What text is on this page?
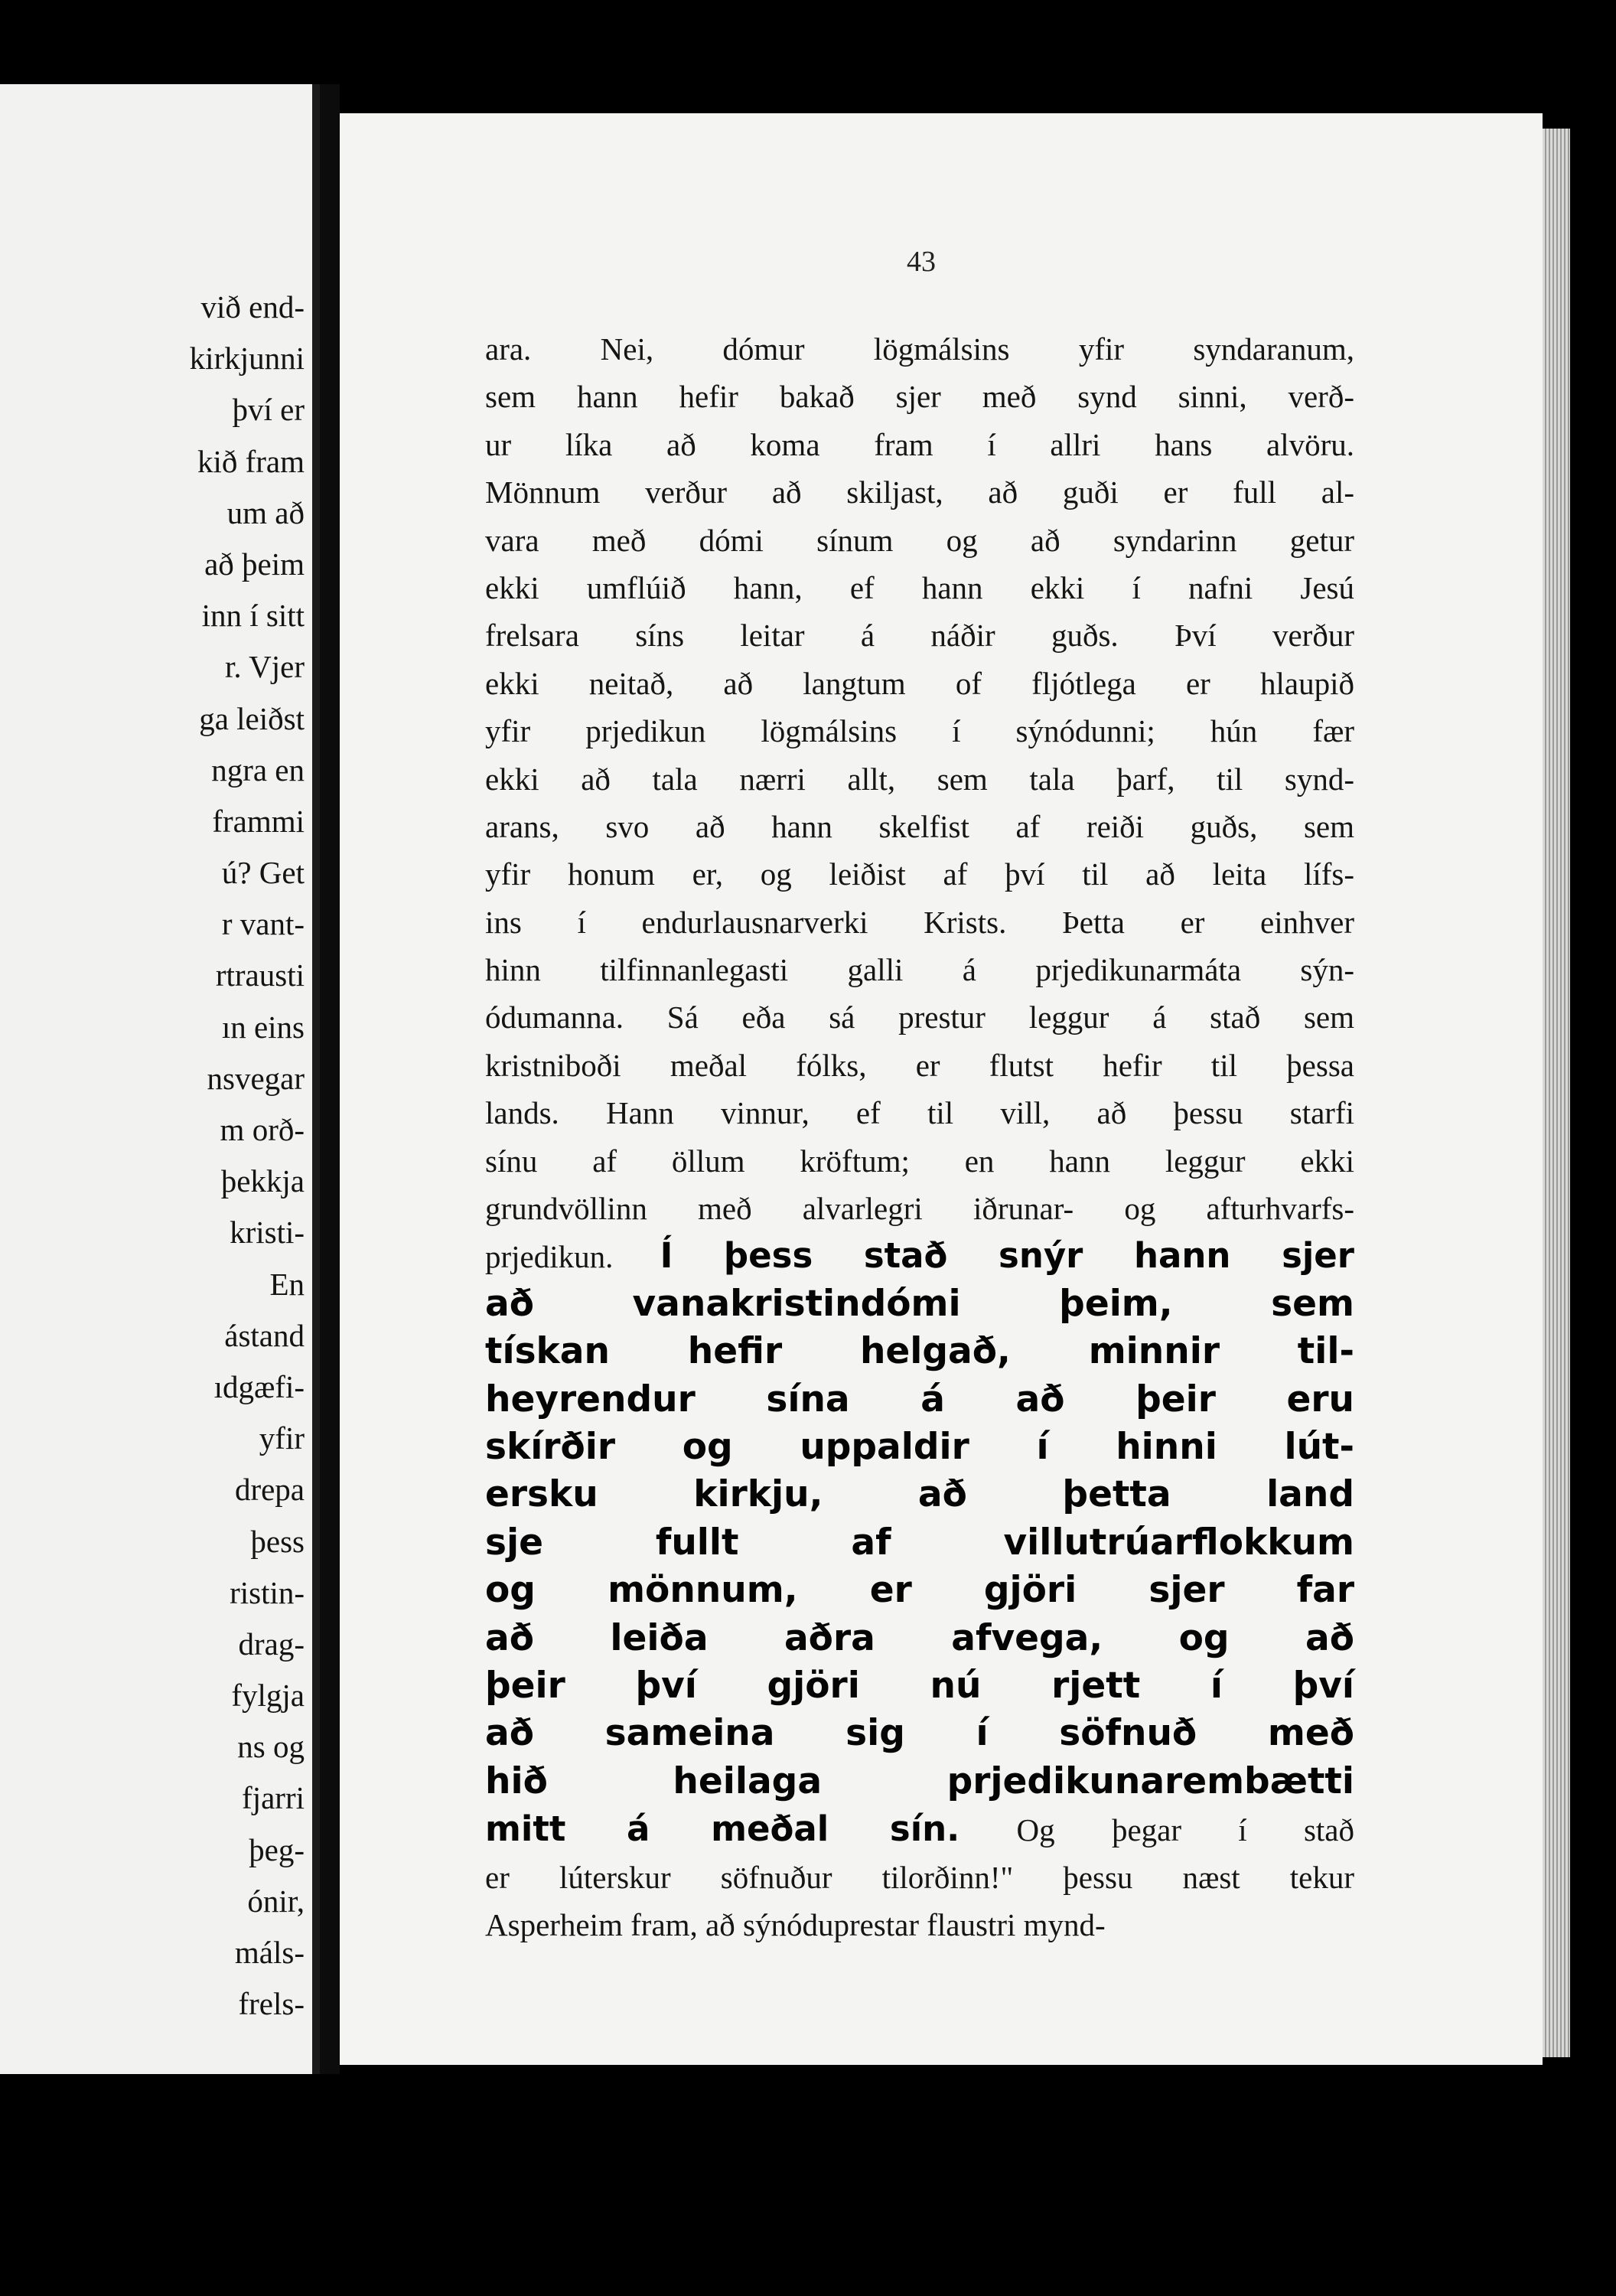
við end-
kirkjunni
því er
kið fram
um að
að þeim
inn í sitt
r. Vjer
ga leiðst
ngra en
frammi
ú? Get
r vant-
rtrausti
ın eins
nsvegar
m orð-
þekkja
kristi-
En
ástand
ıdgæfi-
yfir
drepa
þess
ristin-
drag-
fylgja
ns og
fjarri
þeg-
ónir,
máls-
frels-
43
ara. Nei, dómur lögmálsins yfir syndaranum,
sem hann hefir bakað sjer með synd sinni, verð-
ur líka að koma fram í allri hans alvöru.
Mönnum verður að skiljast, að guði er full al-
vara með dómi sínum og að syndarinn getur
ekki umflúið hann, ef hann ekki í nafni Jesú
frelsara síns leitar á náðir guðs. Því verður
ekki neitað, að langtum of fljótlega er hlaupið
yfir prjedikun lögmálsins í sýnódunni; hún fær
ekki að tala nærri allt, sem tala þarf, til synd-
arans, svo að hann skelfist af reiði guðs, sem
yfir honum er, og leiðist af því til að leita lífs-
ins í endurlausnarverki Krists. Þetta er einhver
hinn tilfinnanlegasti galli á prjedikunarmáta sýn-
ódumanna. Sá eða sá prestur leggur á stað sem
kristniboði meðal fólks, er flutst hefir til þessa
lands. Hann vinnur, ef til vill, að þessu starfi
sínu af öllum kröftum; en hann leggur ekki
grundvöllinn með alvarlegri iðrunar- og afturhvarfs-
prjedikun. Í þess stað snýr hann sjer
að vanakristindómi þeim, sem
tískan hefir helgað, minnir til-
heyrendur sína á að þeir eru
skírðir og uppaldir í hinni lút-
ersku kirkju, að þetta land
sje fullt af villutrúarflokkum
og mönnum, er gjöri sjer far
að leiða aðra afvega, og að
þeir því gjöri nú rjett í því
að sameina sig í söfnuð með
hið heilaga prjedikunarembætti
mitt á meðal sín. Og þegar í stað
er lúterskur söfnuður tilorðinn!" þessu næst tekur
Asperheim fram, að sýnóduprestar flaustri mynd-
